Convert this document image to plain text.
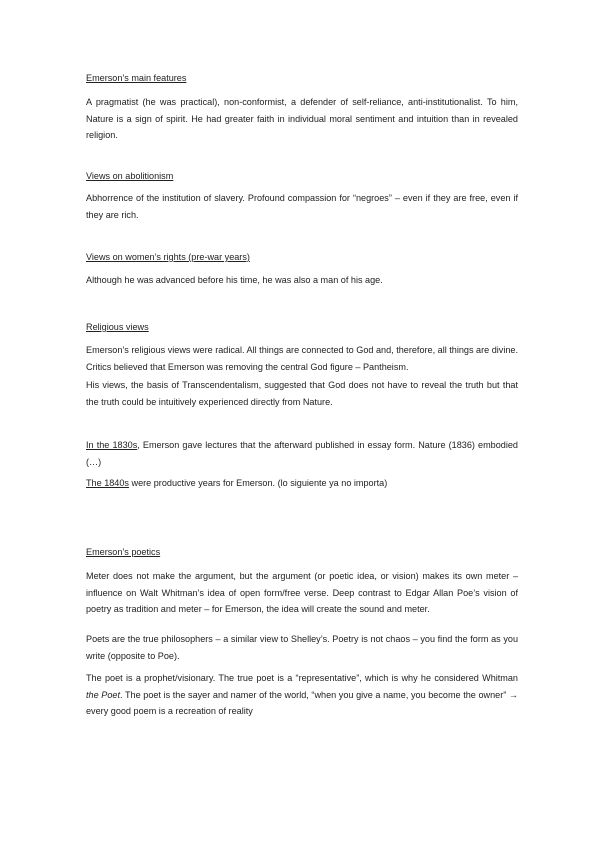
Emerson’s main features
A pragmatist (he was practical), non-conformist, a defender of self-reliance, anti-institutionalist. To him, Nature is a sign of spirit. He had greater faith in individual moral sentiment and intuition than in revealed religion.
Views on abolitionism
Abhorrence of the institution of slavery. Profound compassion for “negroes” – even if they are free, even if they are rich.
Views on women’s rights (pre-war years)
Although he was advanced before his time, he was also a man of his age.
Religious views
Emerson’s religious views were radical. All things are connected to God and, therefore, all things are divine. Critics believed that Emerson was removing the central God figure – Pantheism.
His views, the basis of Transcendentalism, suggested that God does not have to reveal the truth but that the truth could be intuitively experienced directly from Nature.
In the 1830s, Emerson gave lectures that the afterward published in essay form. Nature (1836) embodied (…)
The 1840s were productive years for Emerson. (lo siguiente ya no importa)
Emerson’s poetics
Meter does not make the argument, but the argument (or poetic idea, or vision) makes its own meter – influence on Walt Whitman’s idea of open form/free verse. Deep contrast to Edgar Allan Poe’s vision of poetry as tradition and meter – for Emerson, the idea will create the sound and meter.
Poets are the true philosophers – a similar view to Shelley’s. Poetry is not chaos – you find the form as you write (opposite to Poe).
The poet is a prophet/visionary. The true poet is a “representative”, which is why he considered Whitman the Poet. The poet is the sayer and namer of the world, “when you give a name, you become the owner” → every good poem is a recreation of reality
